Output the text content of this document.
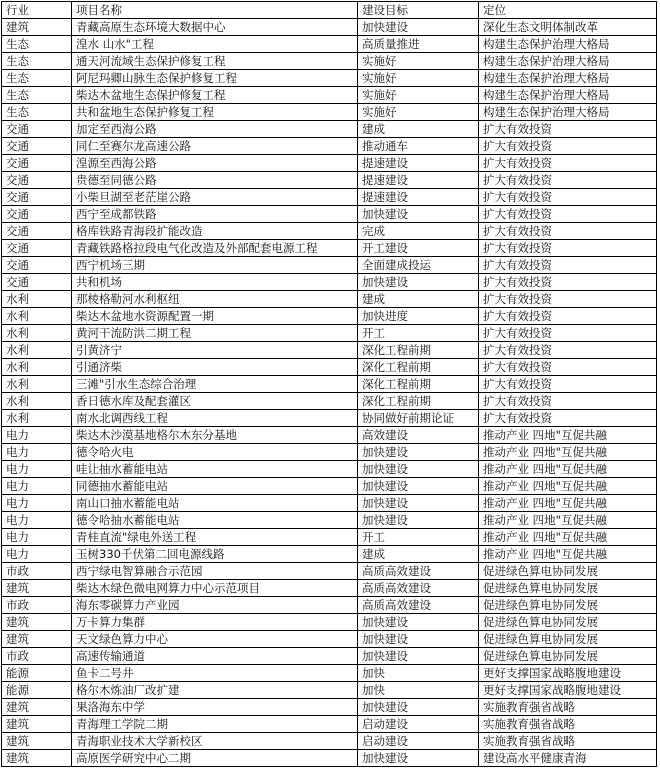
行业	项目名称	建设目标	定位
建筑	青藏高原生态环境大数据中心	加快建设	深化生态文明体制改革
生态	湟水 山水"工程	高质量推进	构建生态保护治理大格局
生态	通天河流域生态保护修复工程	实施好	构建生态保护治理大格局
生态	阿尼玛卿山脉生态保护修复工程	实施好	构建生态保护治理大格局
生态	柴达木盆地生态保护修复工程	实施好	构建生态保护治理大格局
生态	共和盆地生态保护修复工程	实施好	构建生态保护治理大格局
交通	加定至西海公路	建成	扩大有效投资
交通	同仁至赛尔龙高速公路	推动通车	扩大有效投资
交通	湟源至西海公路	提速建设	扩大有效投资
交通	贵德至同德公路	提速建设	扩大有效投资
交通	小柴旦湖至老茫崖公路	提速建设	扩大有效投资
交通	西宁至成都铁路	加快建设	扩大有效投资
交通	格库铁路青海段扩能改造	完成	扩大有效投资
交通	青藏铁路格拉段电气化改造及外部配套电源工程	开工建设	扩大有效投资
交通	西宁机场三期	全面建成投运	扩大有效投资
交通	共和机场	加快建设	扩大有效投资
水利	那棱格勒河水利枢纽	建成	扩大有效投资
水利	柴达木盆地水资源配置一期	加快进度	扩大有效投资
水利	黄河干流防洪二期工程	开工	扩大有效投资
水利	引黄济宁	深化工程前期	扩大有效投资
水利	引通济柴	深化工程前期	扩大有效投资
水利	三滩"引水生态综合治理	深化工程前期	扩大有效投资
水利	香日德水库及配套灌区	深化工程前期	扩大有效投资
水利	南水北调西线工程	协同做好前期论证	扩大有效投资
电力	柴达木沙漠基地格尔木东分基地	高效建设	推动产业 四地"互促共融
电力	德令哈火电	加快建设	推动产业 四地"互促共融
电力	哇让抽水蓄能电站	加快建设	推动产业 四地"互促共融
电力	同德抽水蓄能电站	加快建设	推动产业 四地"互促共融
电力	南山口抽水蓄能电站	加快建设	推动产业 四地"互促共融
电力	德令哈抽水蓄能电站	加快建设	推动产业 四地"互促共融
电力	青桂直流"绿电外送工程	开工	推动产业 四地"互促共融
电力	玉树330千伏第二回电源线路	建成	推动产业 四地"互促共融
市政	西宁绿电智算融合示范园	高质高效建设	促进绿色算电协同发展
建筑	柴达木绿色微电网算力中心示范项目	高质高效建设	促进绿色算电协同发展
市政	海东零碳算力产业园	高质高效建设	促进绿色算电协同发展
建筑	万卡算力集群	加快建设	促进绿色算电协同发展
建筑	天文绿色算力中心	加快建设	促进绿色算电协同发展
市政	高速传输通道	加快建设	促进绿色算电协同发展
能源	鱼卡二号井	加快	更好支撑国家战略腹地建设
能源	格尔木炼油厂改扩建	加快	更好支撑国家战略腹地建设
建筑	果洛海东中学	加快建设	实施教育强省战略
建筑	青海理工学院二期	启动建设	实施教育强省战略
建筑	青海职业技术大学新校区	启动建设	实施教育强省战略
建筑	高原医学研究中心二期	加快建设	建设高水平健康青海
